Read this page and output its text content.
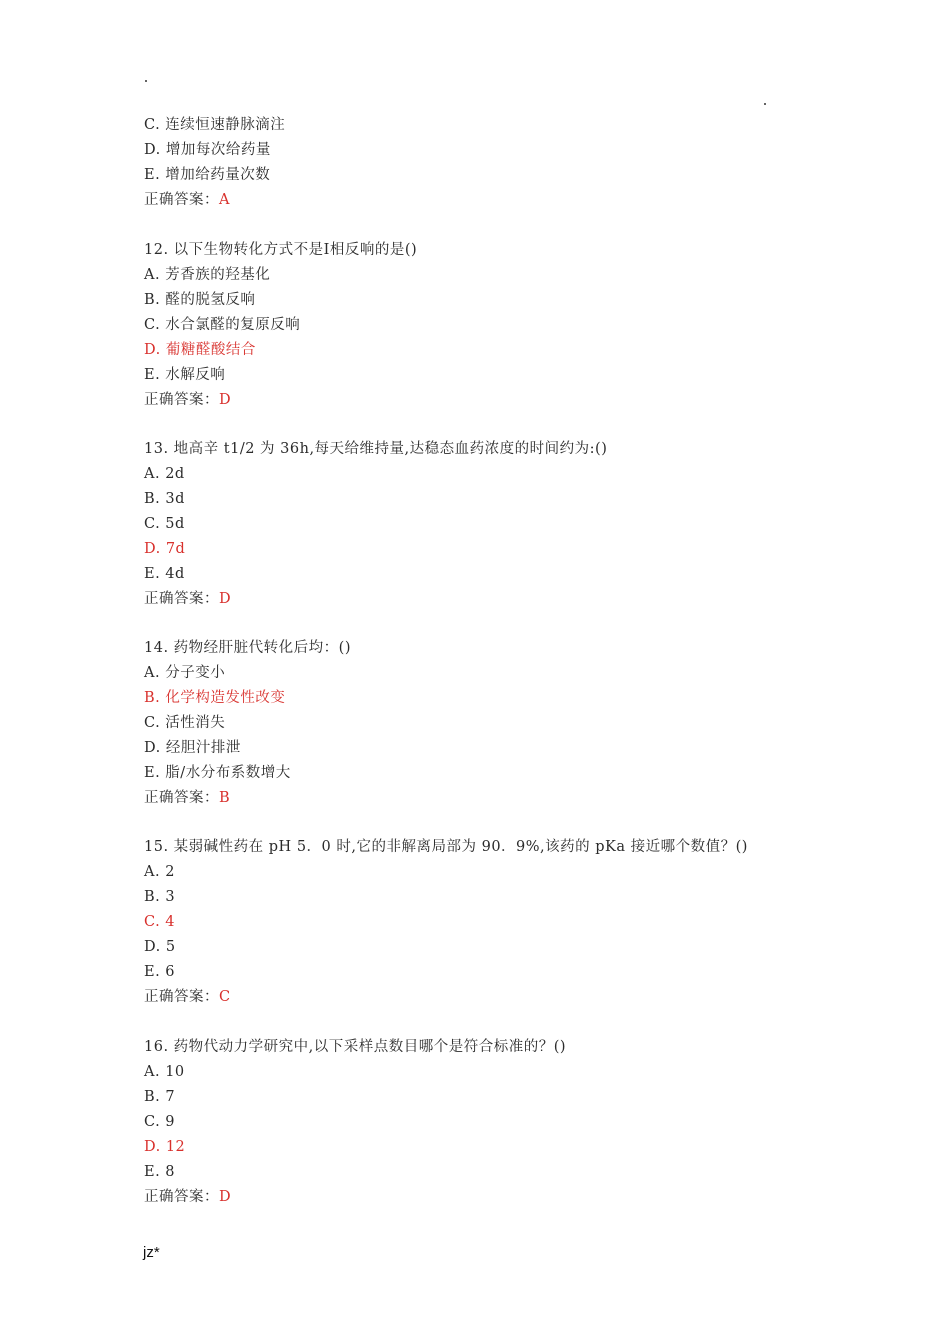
C. 连续恒速静脉滴注
D. 增加每次给药量
E. 增加给药量次数
正确答案：A
12. 以下生物转化方式不是Ⅰ相反响的是()
A. 芳香族的羟基化
B. 醛的脱氢反响
C. 水合氯醛的复原反响
D. 葡糖醛酸结合
E. 水解反响
正确答案：D
13. 地高辛 t1/2 为 36h,每天给维持量,达稳态血药浓度的时间约为:()
A. 2d
B. 3d
C. 5d
D. 7d
E. 4d
正确答案：D
14. 药物经肝脏代转化后均：()
A. 分子变小
B. 化学构造发性改变
C. 活性消失
D. 经胆汁排泄
E. 脂/水分布系数增大
正确答案：B
15. 某弱碱性药在 pH 5．0 时,它的非解离局部为 90．9%,该药的 pKa 接近哪个数值？()
A. 2
B. 3
C. 4
D. 5
E. 6
正确答案：C
16. 药物代动力学研究中,以下采样点数目哪个是符合标准的？()
A. 10
B. 7
C. 9
D. 12
E. 8
正确答案：D
jz*
